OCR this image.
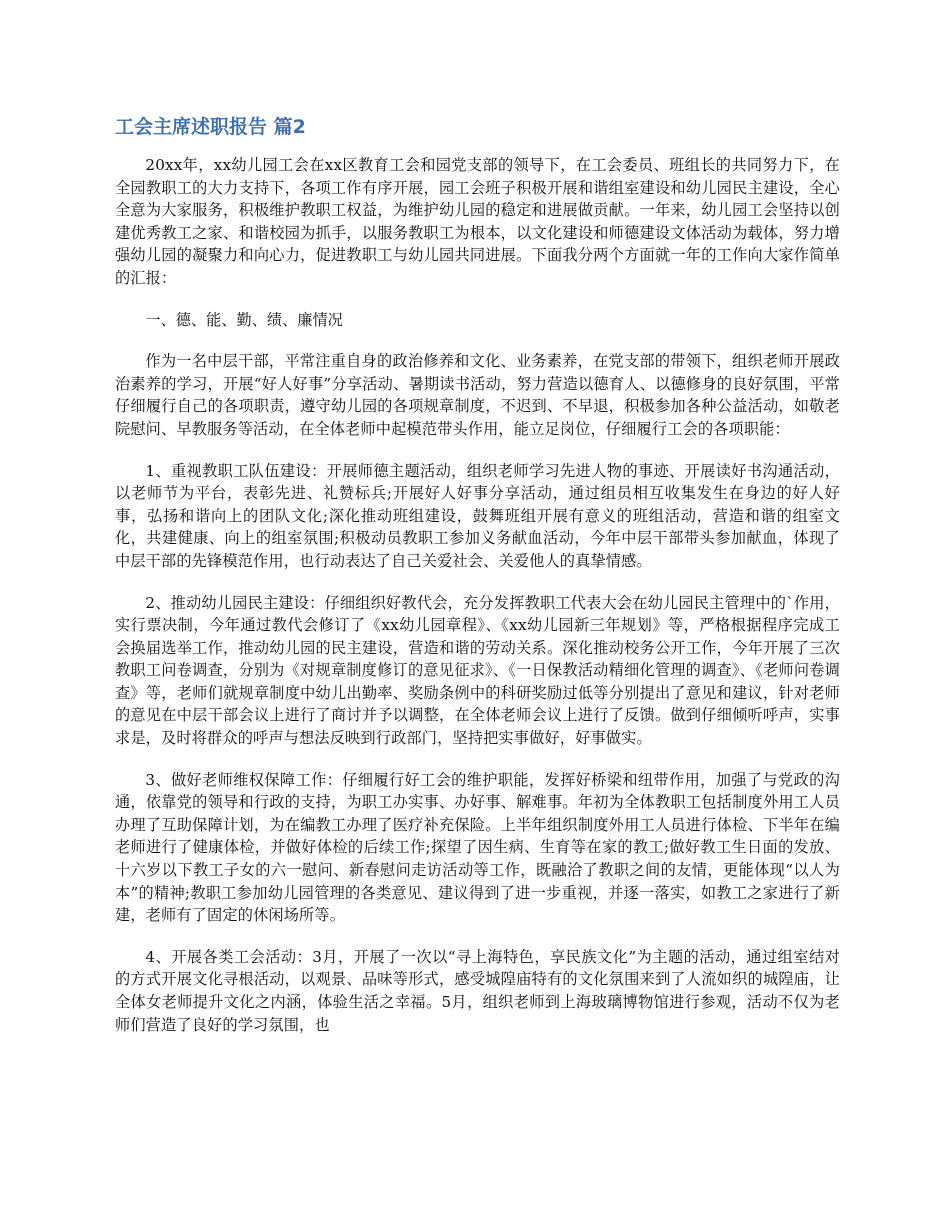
工会主席述职报告 篇2

20xx年，xx幼儿园工会在xx区教育工会和园党支部的领导下，在工会委员、班组长的共同努力下，在全园教职工的大力支持下，各项工作有序开展，园工会班子积极开展和谐组室建设和幼儿园民主建设，全心全意为大家服务，积极维护教职工权益，为维护幼儿园的稳定和进展做贡献。一年来，幼儿园工会坚持以创建优秀教工之家、和谐校园为抓手，以服务教职工为根本，以文化建设和师德建设文体活动为载体，努力增强幼儿园的凝聚力和向心力，促进教职工与幼儿园共同进展。下面我分两个方面就一年的工作向大家作简单的汇报：

一、德、能、勤、绩、廉情况

作为一名中层干部，平常注重自身的政治修养和文化、业务素养，在党支部的带领下，组织老师开展政治素养的学习，开展“好人好事”分享活动、暑期读书活动，努力营造以德育人、以德修身的良好氛围，平常仔细履行自己的各项职责，遵守幼儿园的各项规章制度，不迟到、不早退，积极参加各种公益活动，如敬老院慰问、早教服务等活动，在全体老师中起模范带头作用，能立足岗位，仔细履行工会的各项职能：

1、重视教职工队伍建设：开展师德主题活动，组织老师学习先进人物的事迹、开展读好书沟通活动，以老师节为平台，表彰先进、礼赞标兵;开展好人好事分享活动，通过组员相互收集发生在身边的好人好事，弘扬和谐向上的团队文化;深化推动班组建设，鼓舞班组开展有意义的班组活动，营造和谐的组室文化，共建健康、向上的组室氛围;积极动员教职工参加义务献血活动，今年中层干部带头参加献血，体现了中层干部的先锋模范作用，也行动表达了自己关爱社会、关爱他人的真挚情感。

2、推动幼儿园民主建设：仔细组织好教代会，充分发挥教职工代表大会在幼儿园民主管理中的`作用，实行票决制，今年通过教代会修订了《xx幼儿园章程》、《xx幼儿园新三年规划》等，严格根据程序完成工会换届选举工作，推动幼儿园的民主建设，营造和谐的劳动关系。深化推动校务公开工作，今年开展了三次教职工问卷调查，分别为《对规章制度修订的意见征求》、《一日保教活动精细化管理的调查》、《老师问卷调查》等，老师们就规章制度中幼儿出勤率、奖励条例中的科研奖励过低等分别提出了意见和建议，针对老师的意见在中层干部会议上进行了商讨并予以调整，在全体老师会议上进行了反馈。做到仔细倾听呼声，实事求是，及时将群众的呼声与想法反映到行政部门，坚持把实事做好，好事做实。

3、做好老师维权保障工作：仔细履行好工会的维护职能，发挥好桥梁和纽带作用，加强了与党政的沟通，依靠党的领导和行政的支持，为职工办实事、办好事、解难事。年初为全体教职工包括制度外用工人员办理了互助保障计划，为在编教工办理了医疗补充保险。上半年组织制度外用工人员进行体检、下半年在编老师进行了健康体检，并做好体检的后续工作;探望了因生病、生育等在家的教工;做好教工生日面的发放、十六岁以下教工子女的六一慰问、新春慰问走访活动等工作，既融洽了教职之间的友情，更能体现“以人为本”的精神;教职工参加幼儿园管理的各类意见、建议得到了进一步重视，并逐一落实，如教工之家进行了新建，老师有了固定的休闲场所等。

4、开展各类工会活动：3月，开展了一次以“寻上海特色，享民族文化”为主题的活动，通过组室结对的方式开展文化寻根活动，以观景、品味等形式，感受城隍庙特有的文化氛围来到了人流如织的城隍庙，让全体女老师提升文化之内涵，体验生活之幸福。5月，组织老师到上海玻璃博物馆进行参观，活动不仅为老师们营造了良好的学习氛围，也
